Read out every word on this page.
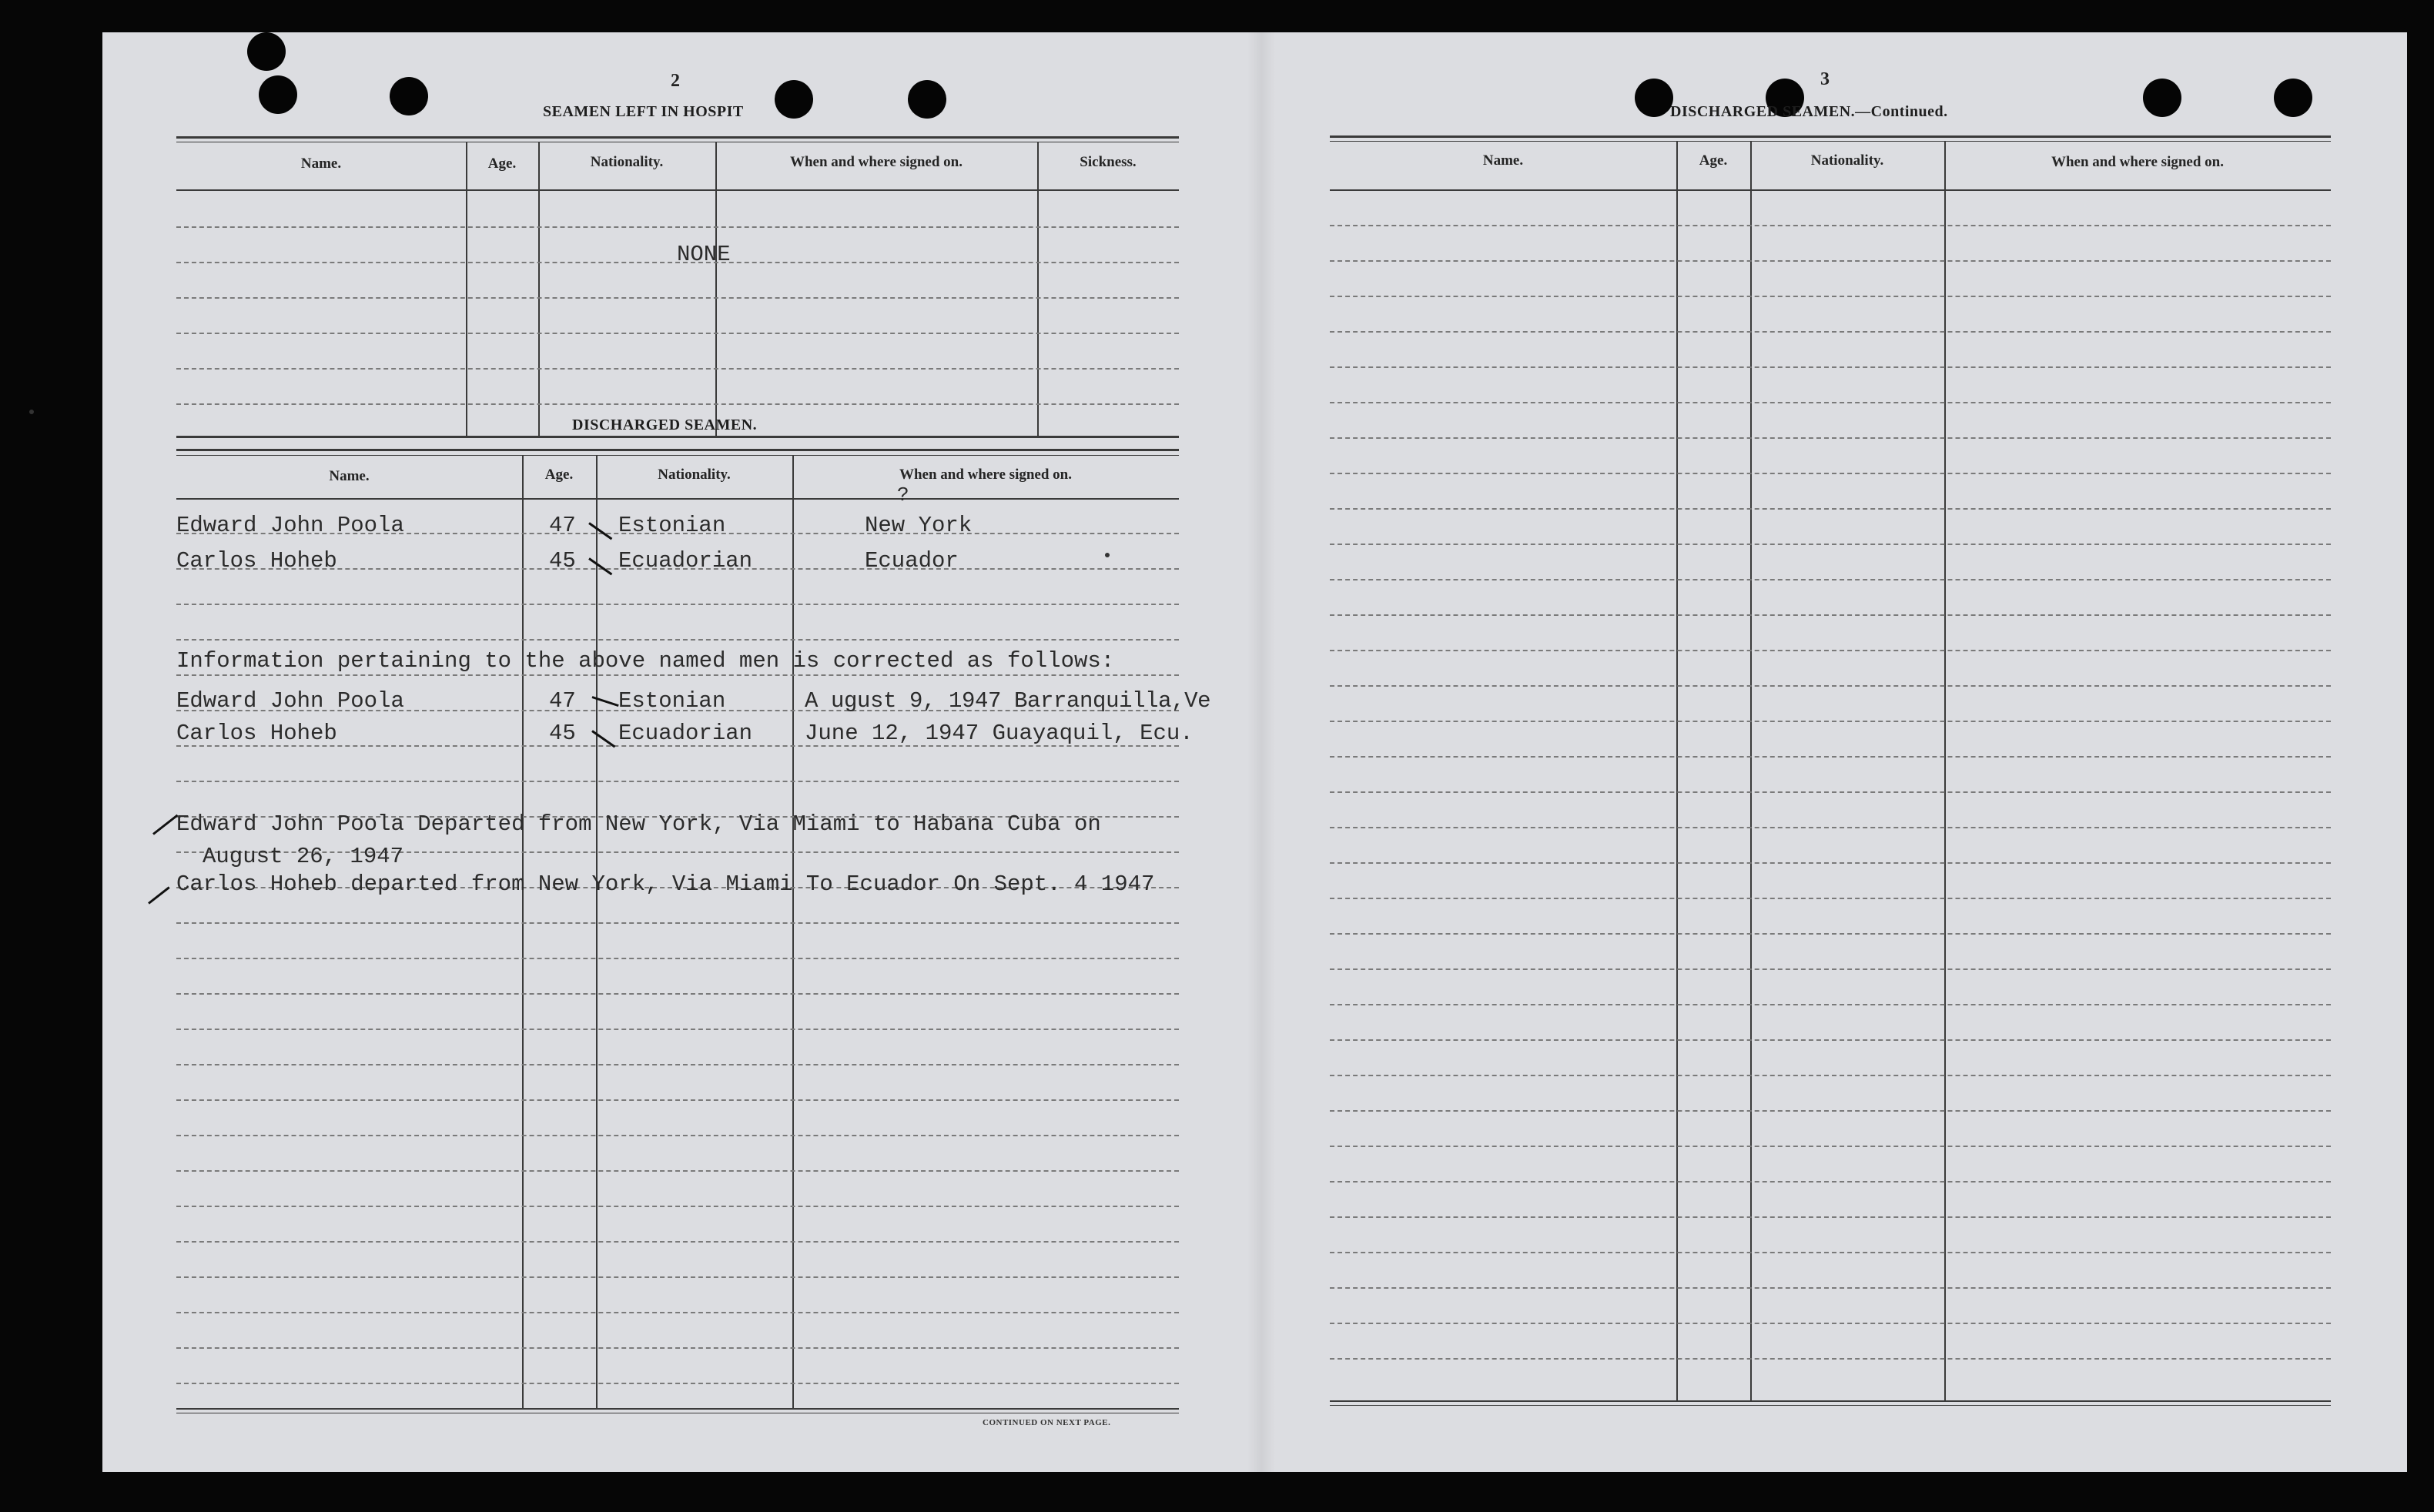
2
SEAMEN LEFT IN HOSPIT
Name.	Age.	Nationality.	When and where signed on.	Sickness.
NONE
DISCHARGED SEAMEN.
Name.	Age.	Nationality.	When and where signed on.
CONTINUED ON NEXT PAGE.
?
Edward John Poola	47 Estonian	New York
Carlos Hoheb	45 Ecuadorian	Ecuador
Information pertaining to the above named men is corrected as follows:
Edward John Poola	47 Estonian	A ugust 9, 1947 Barranquilla,Ve
Carlos Hoheb	45 Ecuadorian June 12, 1947 Guayaquil, Ecu.
Edward John Poola Departed from New York, Via Miami to Habana Cuba on
August 26, 1947
Carlos Hoheb departed from New York, Via Miami To Ecuador On Sept. 4 1947
3
DISCHARGED SEAMEN.—Continued.
Name.	Age.	Nationality.	When and where signed on.
